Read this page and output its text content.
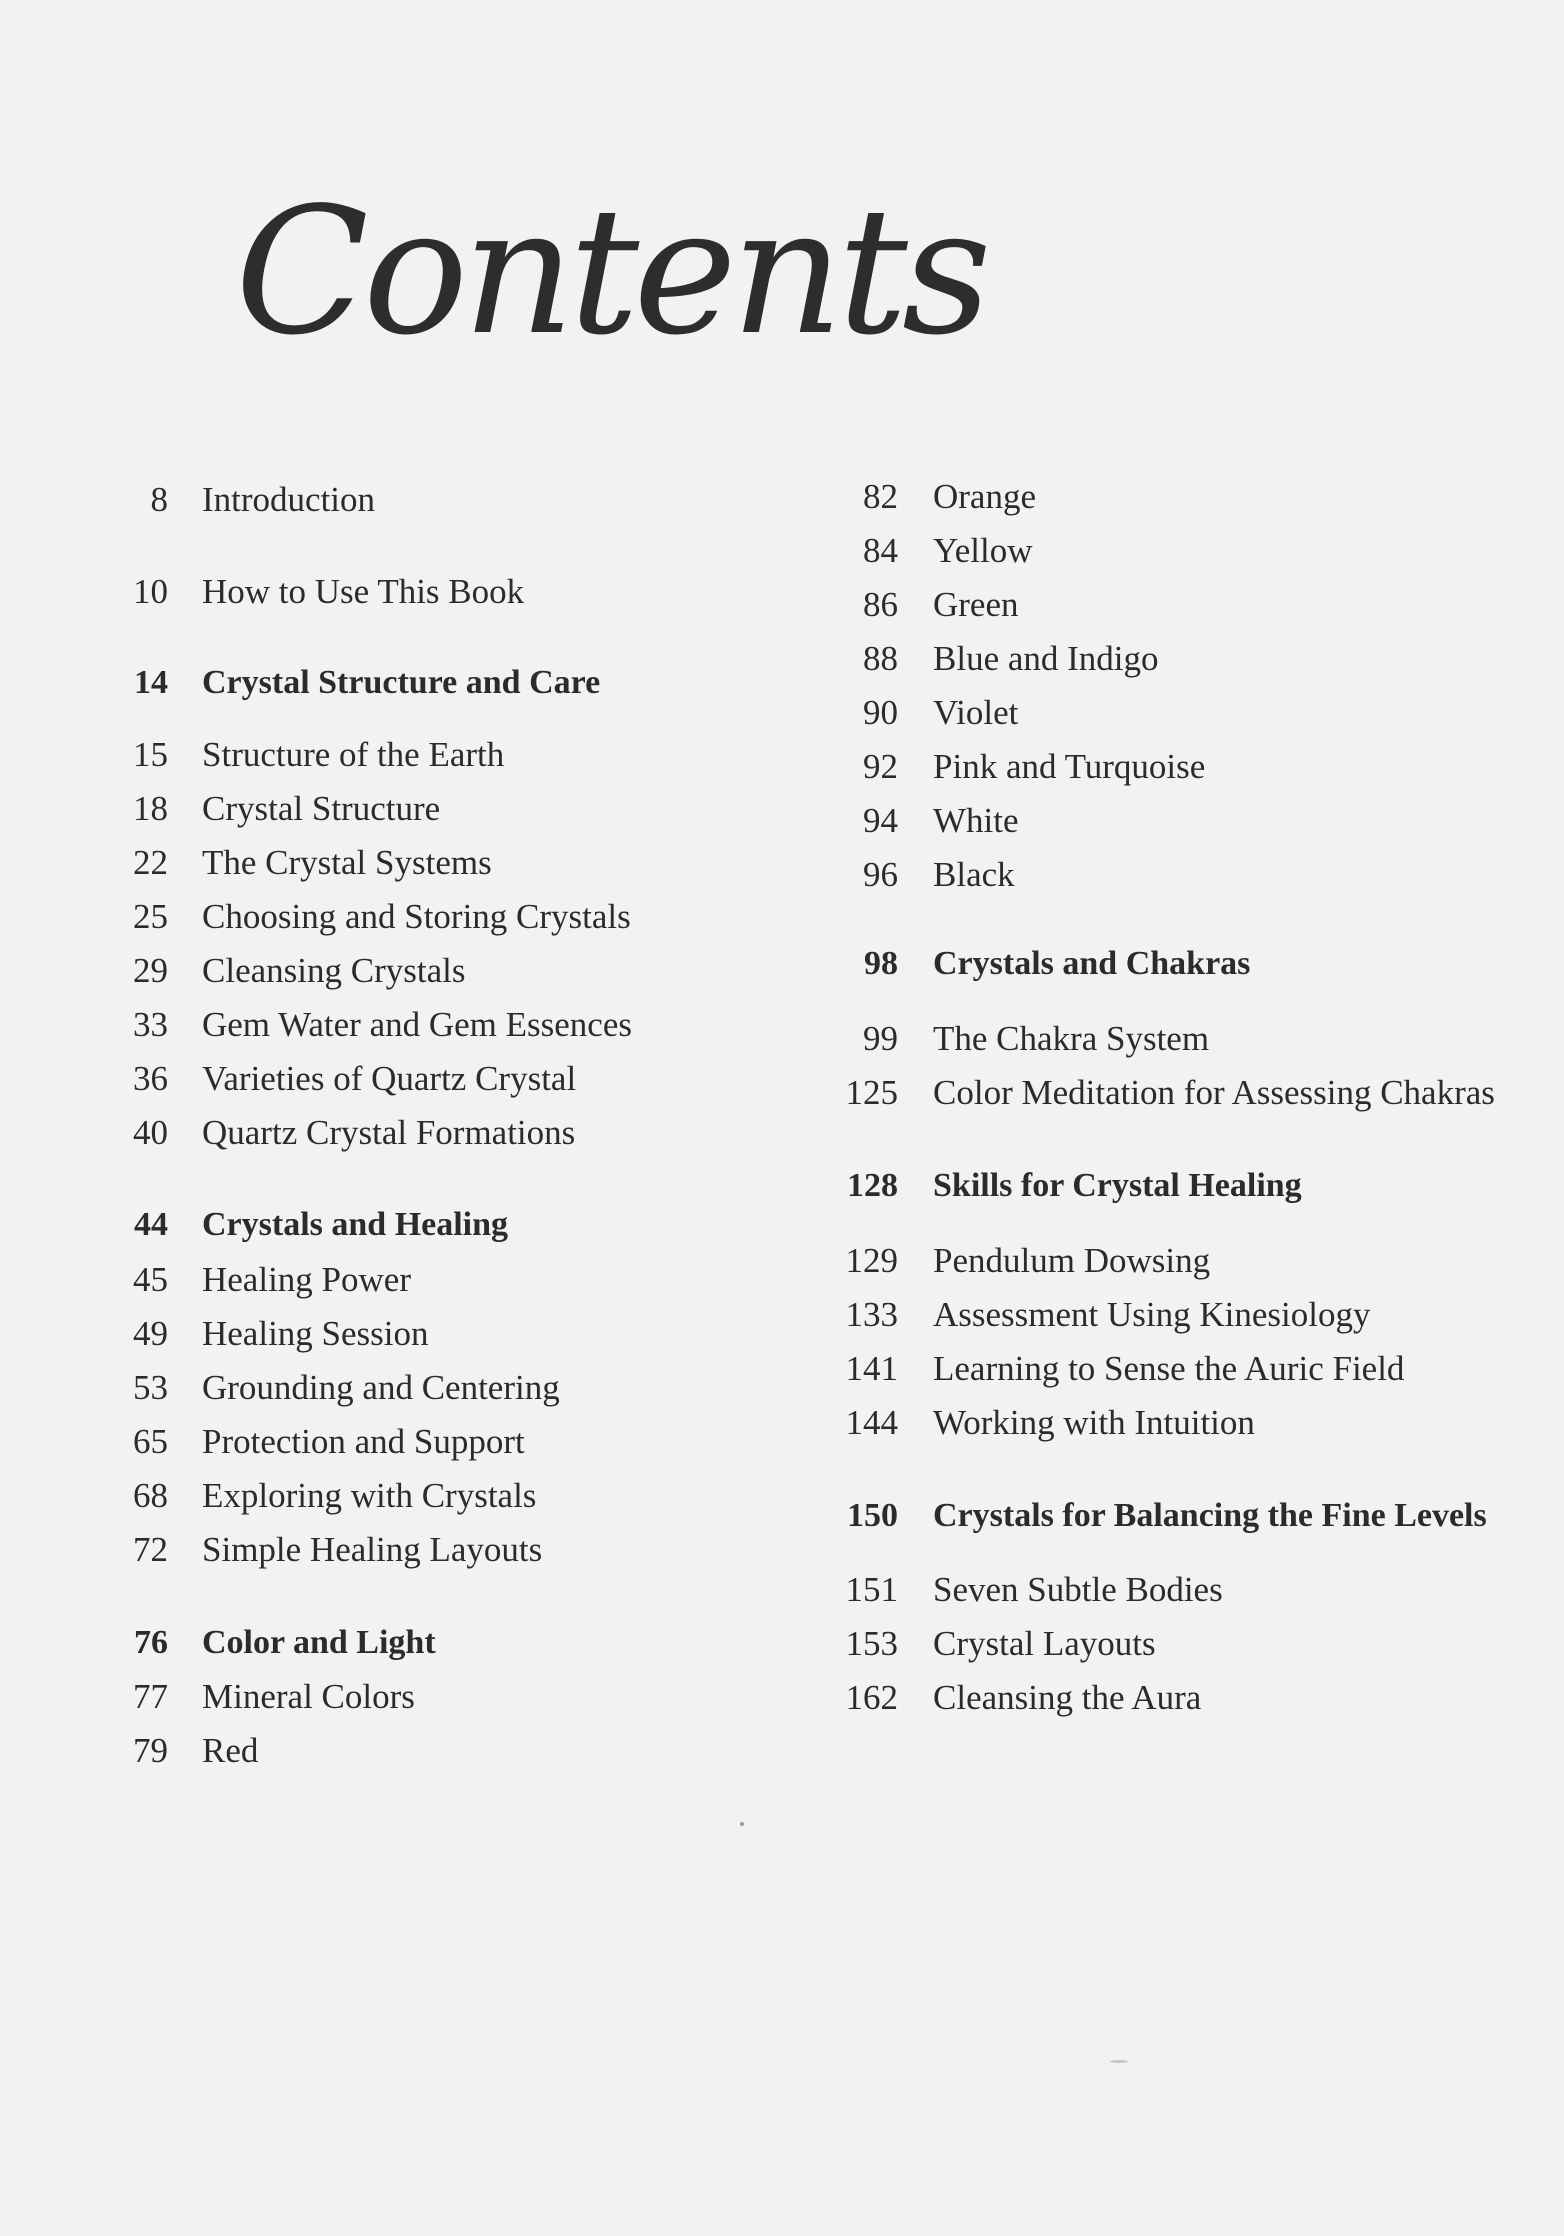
Contents
8 Introduction
10 How to Use This Book
14 Crystal Structure and Care
15 Structure of the Earth
18 Crystal Structure
22 The Crystal Systems
25 Choosing and Storing Crystals
29 Cleansing Crystals
33 Gem Water and Gem Essences
36 Varieties of Quartz Crystal
40 Quartz Crystal Formations
44 Crystals and Healing
45 Healing Power
49 Healing Session
53 Grounding and Centering
65 Protection and Support
68 Exploring with Crystals
72 Simple Healing Layouts
76 Color and Light
77 Mineral Colors
79 Red
82 Orange
84 Yellow
86 Green
88 Blue and Indigo
90 Violet
92 Pink and Turquoise
94 White
96 Black
98 Crystals and Chakras
99 The Chakra System
125 Color Meditation for Assessing Chakras
128 Skills for Crystal Healing
129 Pendulum Dowsing
133 Assessment Using Kinesiology
141 Learning to Sense the Auric Field
144 Working with Intuition
150 Crystals for Balancing the Fine Levels
151 Seven Subtle Bodies
153 Crystal Layouts
162 Cleansing the Aura
